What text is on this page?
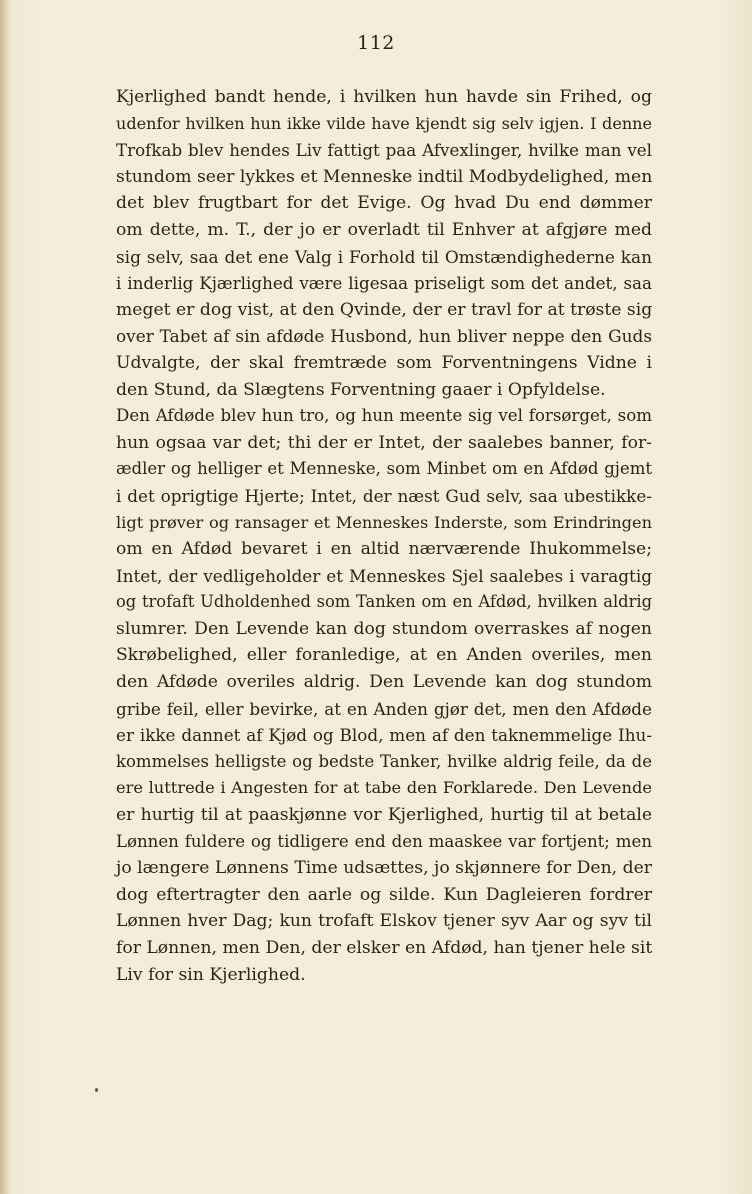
112
Kjerlighed bandt hende, i hvilken hun havde sin Frihed, og
udenfor hvilken hun ikke vilde have kjendt sig selv igjen. I denne
Trofkab blev hendes Liv fattigt paa Afvexlinger, hvilke man vel
stundom seer lykkes et Menneske indtil Modbydelighed, men
det blev frugtbart for det Evige. Og hvad Du end dømmer
om dette, m. T., der jo er overladt til Enhver at afgjøre med
sig selv, saa det ene Valg i Forhold til Omstændighederne kan
i inderlig Kjærlighed være ligesaa priseligt som det andet, saa
meget er dog vist, at den Qvinde, der er travl for at trøste sig
over Tabet af sin afdøde Husbond, hun bliver neppe den Guds
Udvalgte, der skal fremtræde som Forventningens Vidne i
den Stund, da Slægtens Forventning gaaer i Opfyldelse.
Den Afdøde blev hun tro, og hun meente sig vel forsørget, som
hun ogsaa var det; thi der er Intet, der saalebes banner, for-
ædler og helliger et Menneske, som Minbet om en Afdød gjemt
i det oprigtige Hjerte; Intet, der næst Gud selv, saa ubestikke-
ligt prøver og ransager et Menneskes Inderste, som Erindringen
om en Afdød bevaret i en altid nærværende Ihukommelse;
Intet, der vedligeholder et Menneskes Sjel saalebes i varagtig
og trofaft Udholdenhed som Tanken om en Afdød, hvilken aldrig
slumrer. Den Levende kan dog stundom overraskes af nogen
Skrøbelighed, eller foranledige, at en Anden overiles, men
den Afdøde overiles aldrig. Den Levende kan dog stundom
gribe feil, eller bevirke, at en Anden gjør det, men den Afdøde
er ikke dannet af Kjød og Blod, men af den taknemmelige Ihu-
kommelses helligste og bedste Tanker, hvilke aldrig feile, da de
ere luttrede i Angesten for at tabe den Forklarede. Den Levende
er hurtig til at paaskjønne vor Kjerlighed, hurtig til at betale
Lønnen fuldere og tidligere end den maaskee var fortjent; men
jo længere Lønnens Time udsættes, jo skjønnere for Den, der
dog eftertragter den aarle og silde. Kun Dagleieren fordrer
Lønnen hver Dag; kun trofaft Elskov tjener syv Aar og syv til
for Lønnen, men Den, der elsker en Afdød, han tjener hele sit
Liv for sin Kjerlighed.
